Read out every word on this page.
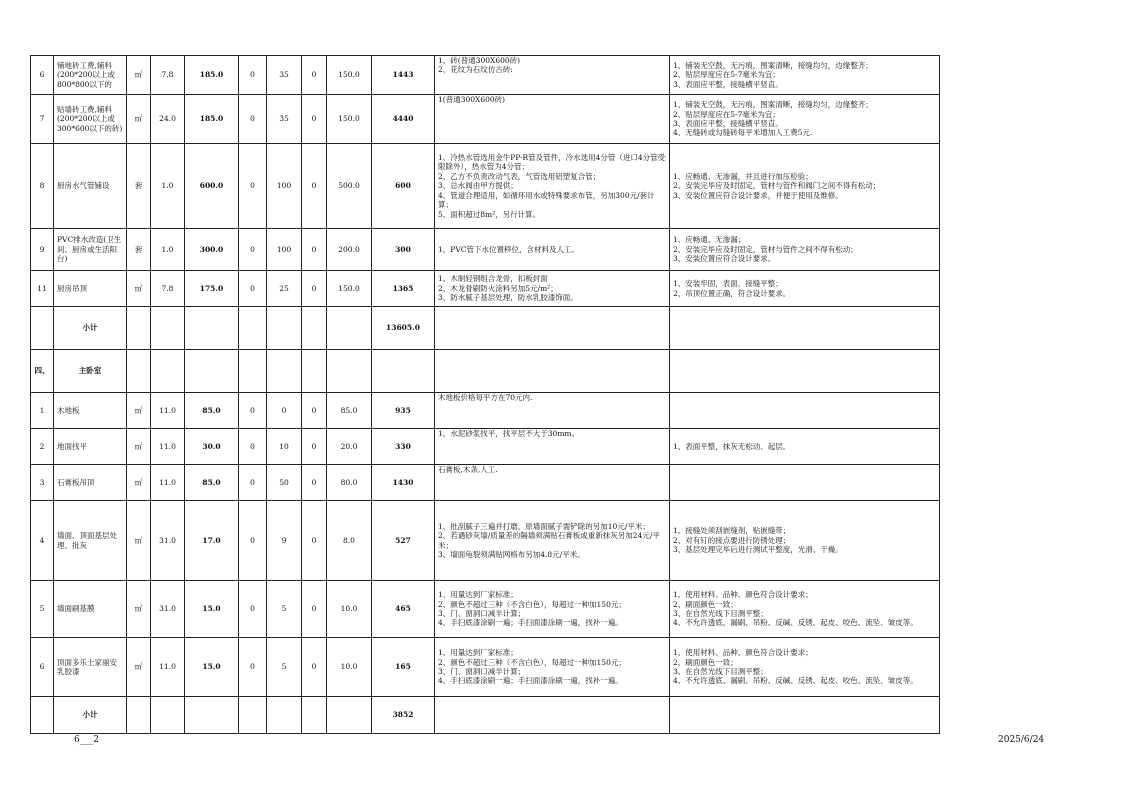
6	铺地砖工费,辅料(200*200以上或800*800以下的	㎡	7.8	185.0	0	35	0	150.0	1443	1、砖(普通300X600砖)
2、花纹为石纹仿古砖:	1、铺装无空鼓，无污痕，图案清晰，接缝均匀，边缘整齐；
2、贴层厚度应在5-7毫米为宜；
3、表面应平整，接缝横平竖直。
7	贴墙砖工费,辅料(200*200以上或300*600以下的砖)	㎡	24.0	185.0	0	35	0	150.0	4440	1(普通300X600砖)	1、铺装无空鼓，无污痕，图案清晰，接缝均匀，边缘整齐；
2、贴层厚度应在5-7毫米为宜；
3、表面应平整，接缝横平竖直。
4、无缝砖或勾缝砖每平米增加人工费5元.
8	厨房水气管铺设	套	1.0	600.0	0	100	0	500.0	600	1、冷热水管选用金牛PP-R管及管件，冷水选用4分管（进口4分管受限除外），热水管为4分管；
2、乙方不负责改动气表，气管选用铝塑复合管；
3、总水阀由甲方提供；
4、管道合理适用，如循环用水或特殊要求布管，另加300元/套计算；
5、面积超过8m²，另行计算。	1、应畅通、无渗漏，并且进行加压检验；
2、安装完毕应及时固定，管材与管件和阀门之间不得有松动；
3、安装位置应符合设计要求，并便于使用及维修。
9	PVC排水改造(卫生间、厨房或生活阳台)	套	1.0	300.0	0	100	0	200.0	300	1、PVC管下水位置移位，含材料及人工。	1、应畅通、无渗漏；
2、安装完毕应及时固定，管材与管件之间不得有松动；
3、安装位置应符合设计要求。
11	厨房吊顶	㎡	7.8	175.0	0	25	0	150.0	1365	1、木制轻钢组合龙骨，扣板封面
2、木龙骨刷防火涂料另加5元/m²；
3、防水腻子基层处理，防水乳胶漆饰面。	1、安装牢固，表面、接缝平整；
2、吊顶位置正确，符合设计要求。
	小计								13605.0		
四、	主卧室										
1	木地板	㎡	11.0	85.0	0	0	0	85.0	935	木地板价格每平方在70元内.	
2	地面找平	㎡	11.0	30.0	0	10	0	20.0	330	1、水泥砂浆找平，找平层不大于30mm。	1、表面平整，抹灰无松动、起层。
3	石膏板吊顶	㎡	11.0	85.0	0	50	0	80.0	1430	石膏板,木条,人工.	
4	墙面、顶面基层处理、批灰	㎡	31.0	17.0	0	9	0	8.0	527	1、批刮腻子三遍并打磨，原墙面腻子需铲除的另加10元/平米；
2、若遇砂灰墙/质量差的隔墙须满贴石膏板或重新抹灰另加24元/平米；
3、墙面龟裂须满贴网格布另加4.8元/平米。	1、接缝处须刮嵌缝剂，贴嵌缝带；
2、对有钉的接点要进行防锈处理；
3、基层处理完毕后进行测试平整度，光滑、干燥。
5	墙面刷基膜	㎡	31.0	15.0	0	5	0	10.0	465	1、用量达到厂家标准；
2、颜色不超过三种（不含白色），每超过一种加150元；
3、门、窗洞口减半计算；
4、手扫底漆涂刷一遍；手扫面漆涂刷一遍，找补一遍。	1、使用材料、品种、颜色符合设计要求；
2、刷面颜色一致；
3、在自然光线下目测平整；
4、不允许透底、漏刷、吊粉、反碱、反锈、起皮、咬色、流坠、皱皮等。
6	顶面多乐士家丽安乳胶漆	㎡	11.0	15.0	0	5	0	10.0	165	1、用量达到厂家标准；
2、颜色不超过三种（不含白色），每超过一种加150元；
3、门、窗洞口减半计算；
4、手扫底漆涂刷一遍；手扫面漆涂刷一遍，找补一遍。	1、使用材料、品种、颜色符合设计要求；
2、刷面颜色一致；
3、在自然光线下目测平整；
4、不允许透底、漏刷、吊粉、反碱、反锈、起皮、咬色、流坠、皱皮等。
	小计								3852		
6___2	2025/6/24
